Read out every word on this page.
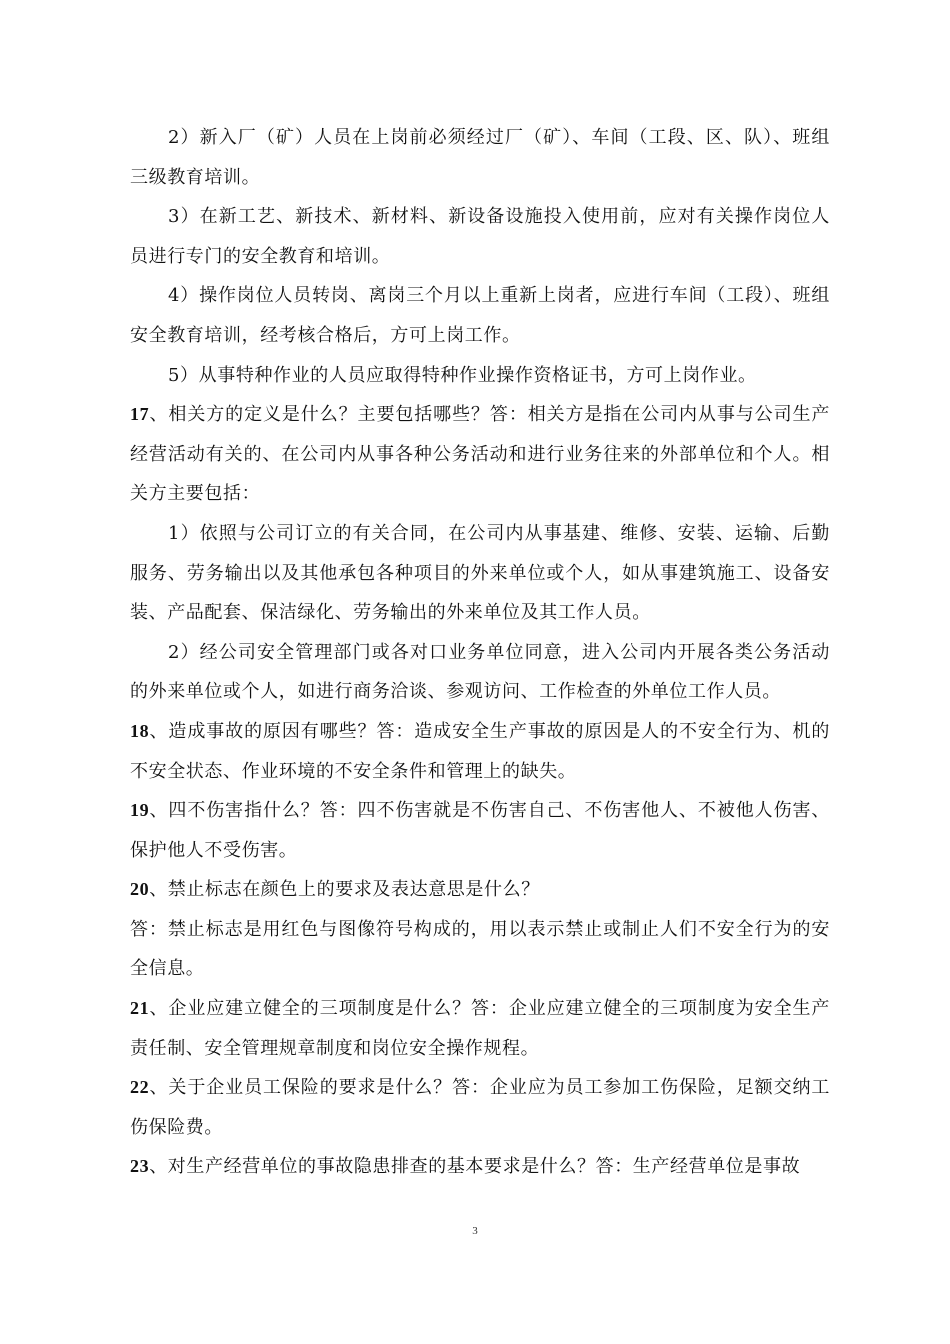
2）新入厂（矿）人员在上岗前必须经过厂（矿）、车间（工段、区、队）、班组三级教育培训。

3）在新工艺、新技术、新材料、新设备设施投入使用前，应对有关操作岗位人员进行专门的安全教育和培训。

4）操作岗位人员转岗、离岗三个月以上重新上岗者，应进行车间（工段）、班组安全教育培训，经考核合格后，方可上岗工作。

5）从事特种作业的人员应取得特种作业操作资格证书，方可上岗作业。

17、相关方的定义是什么？主要包括哪些？答：相关方是指在公司内从事与公司生产经营活动有关的、在公司内从事各种公务活动和进行业务往来的外部单位和个人。相关方主要包括：

1）依照与公司订立的有关合同，在公司内从事基建、维修、安装、运输、后勤服务、劳务输出以及其他承包各种项目的外来单位或个人，如从事建筑施工、设备安装、产品配套、保洁绿化、劳务输出的外来单位及其工作人员。

2）经公司安全管理部门或各对口业务单位同意，进入公司内开展各类公务活动的外来单位或个人，如进行商务洽谈、参观访问、工作检查的外单位工作人员。

18、造成事故的原因有哪些？答：造成安全生产事故的原因是人的不安全行为、机的不安全状态、作业环境的不安全条件和管理上的缺失。

19、四不伤害指什么？答：四不伤害就是不伤害自己、不伤害他人、不被他人伤害、保护他人不受伤害。

20、禁止标志在颜色上的要求及表达意思是什么？

答：禁止标志是用红色与图像符号构成的，用以表示禁止或制止人们不安全行为的安全信息。

21、企业应建立健全的三项制度是什么？答：企业应建立健全的三项制度为安全生产责任制、安全管理规章制度和岗位安全操作规程。

22、关于企业员工保险的要求是什么？答：企业应为员工参加工伤保险，足额交纳工伤保险费。

23、对生产经营单位的事故隐患排查的基本要求是什么？答：生产经营单位是事故

3
